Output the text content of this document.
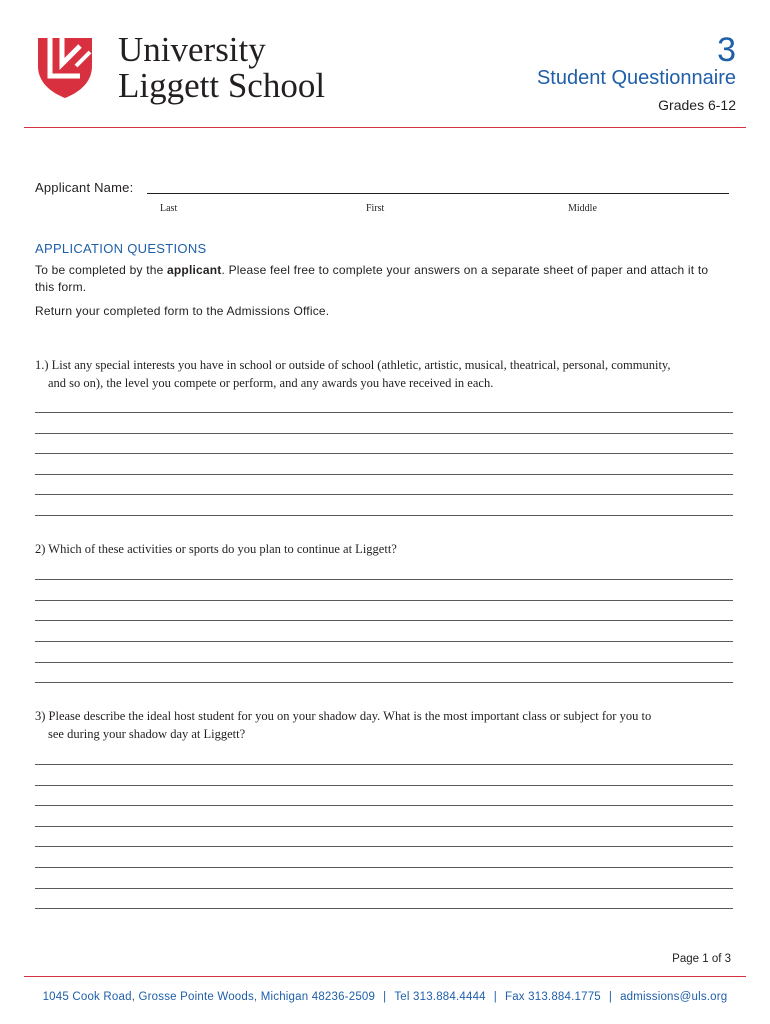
University
Liggett School
3
Student Questionnaire
Grades 6-12
Applicant Name:
Last	First	Middle
APPLICATION QUESTIONS
To be completed by the applicant. Please feel free to complete your answers on a separate sheet of paper and attach it to this form.
Return your completed form to the Admissions Office.
1.) List any special interests you have in school or outside of school (athletic, artistic, musical, theatrical, personal, community,
and so on), the level you compete or perform, and any awards you have received in each.
2) Which of these activities or sports do you plan to continue at Liggett?
3) Please describe the ideal host student for you on your shadow day. What is the most important class or subject for you to
see during your shadow day at Liggett?
Page 1 of 3
1045 Cook Road, Grosse Pointe Woods, Michigan 48236-2509 | Tel 313.884.4444 | Fax 313.884.1775 | admissions@uls.org
